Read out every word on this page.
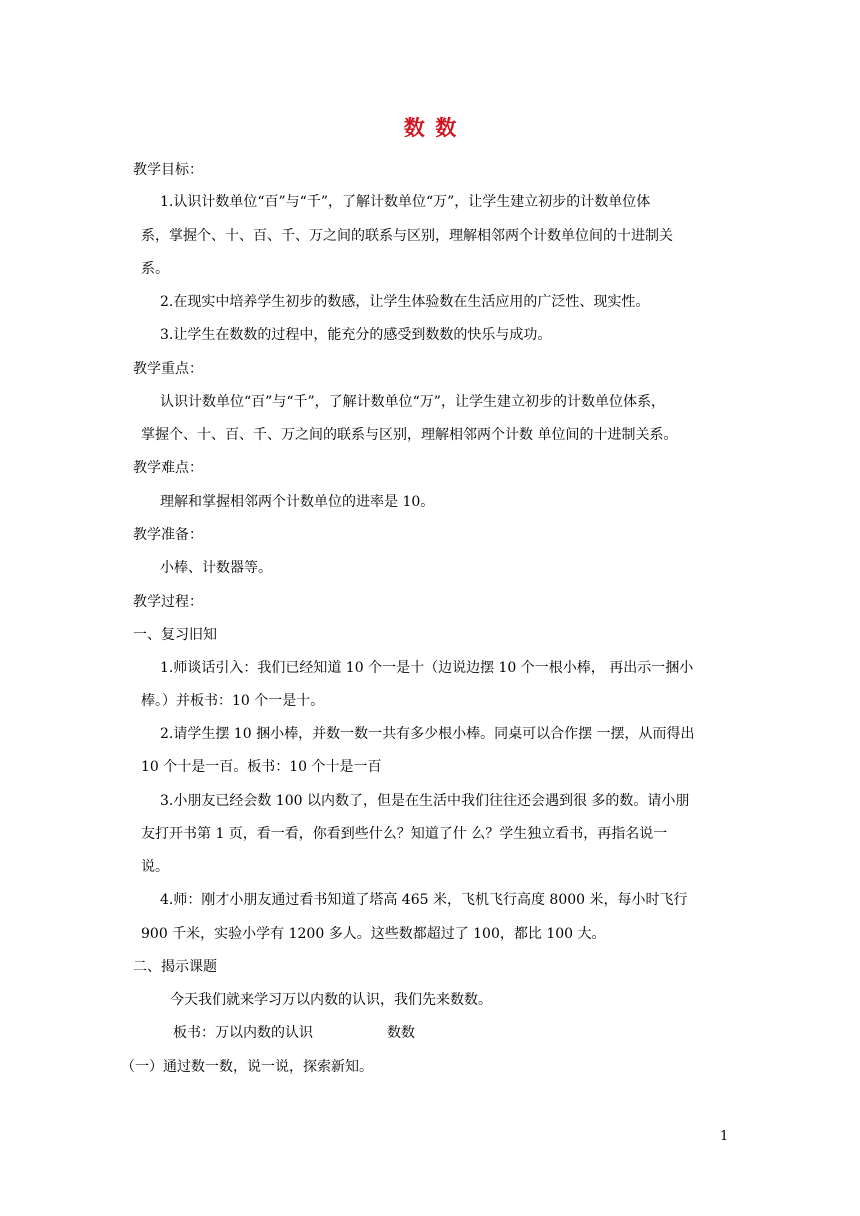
数数
教学目标：
1.认识计数单位“百”与“千”，了解计数单位“万”，让学生建立初步的计数单位体
系，掌握个、十、百、千、万之间的联系与区别，理解相邻两个计数单位间的十进制关
系。
2.在现实中培养学生初步的数感，让学生体验数在生活应用的广泛性、现实性。
3.让学生在数数的过程中，能充分的感受到数数的快乐与成功。
教学重点：
认识计数单位“百”与“千”，了解计数单位“万”，让学生建立初步的计数单位体系，
掌握个、十、百、千、万之间的联系与区别，理解相邻两个计数 单位间的十进制关系。
教学难点：
理解和掌握相邻两个计数单位的进率是 10。
教学准备：
小棒、计数器等。
教学过程：
一、复习旧知
1.师谈话引入：我们已经知道 10 个一是十（边说边摆 10 个一根小棒， 再出示一捆小
棒。）并板书：10 个一是十。
2.请学生摆 10 捆小棒，并数一数一共有多少根小棒。同桌可以合作摆 一摆，从而得出
10 个十是一百。板书：10 个十是一百
3.小朋友已经会数 100 以内数了，但是在生活中我们往往还会遇到很 多的数。请小朋
友打开书第 1 页，看一看，你看到些什么？知道了什 么？学生独立看书，再指名说一
说。
4.师：刚才小朋友通过看书知道了塔高 465 米，飞机飞行高度 8000 米，每小时飞行
900 千米，实验小学有 1200 多人。这些数都超过了 100，都比 100 大。
二、揭示课题
今天我们就来学习万以内数的认识，我们先来数数。
板书：万以内数的认识	数数
（一）通过数一数，说一说，探索新知。
1
